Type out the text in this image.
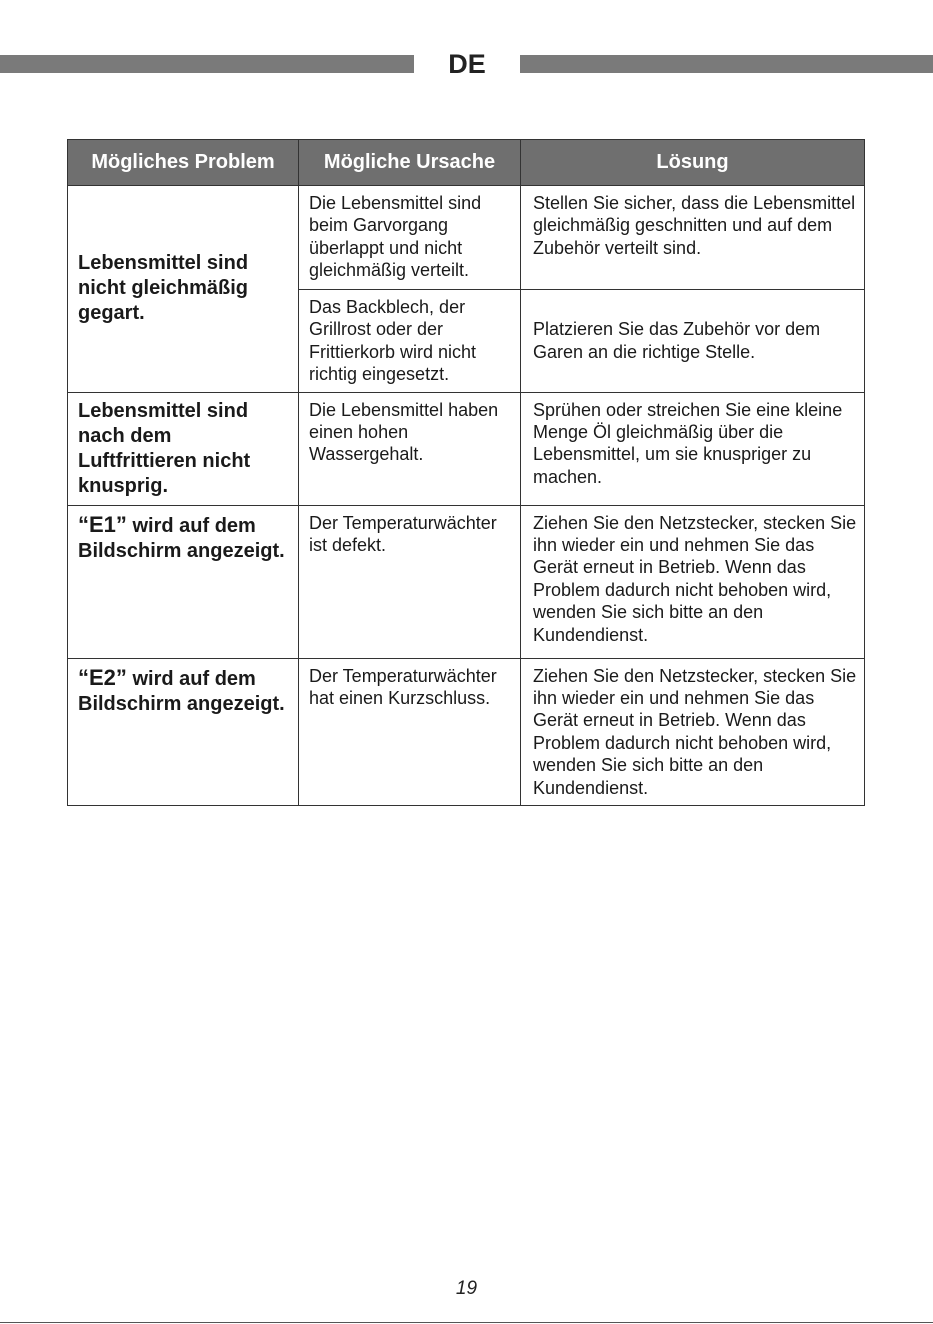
DE
Mögliches Problem	Mögliche Ursache	Lösung
Lebensmittel sind nicht gleichmäßig gegart.	Die Lebensmittel sind beim Garvorgang überlappt und nicht gleichmäßig verteilt.	Stellen Sie sicher, dass die Lebensmittel gleichmäßig geschnitten und auf dem Zubehör verteilt sind.
	Das Backblech, der Grillrost oder der Frittierkorb wird nicht richtig eingesetzt.	Platzieren Sie das Zubehör vor dem Garen an die richtige Stelle.
Lebensmittel sind nach dem Luftfrittieren nicht knusprig.	Die Lebensmittel haben einen hohen Wassergehalt.	Sprühen oder streichen Sie eine kleine Menge Öl gleichmäßig über die Lebensmittel, um sie knuspriger zu machen.
“E1” wird auf dem Bildschirm angezeigt.	Der Temperaturwächter ist defekt.	Ziehen Sie den Netzstecker, stecken Sie ihn wieder ein und nehmen Sie das Gerät erneut in Betrieb. Wenn das Problem dadurch nicht behoben wird, wenden Sie sich bitte an den Kundendienst.
“E2” wird auf dem Bildschirm angezeigt.	Der Temperaturwächter hat einen Kurzschluss.	Ziehen Sie den Netzstecker, stecken Sie ihn wieder ein und nehmen Sie das Gerät erneut in Betrieb. Wenn das Problem dadurch nicht behoben wird, wenden Sie sich bitte an den Kundendienst.
19
